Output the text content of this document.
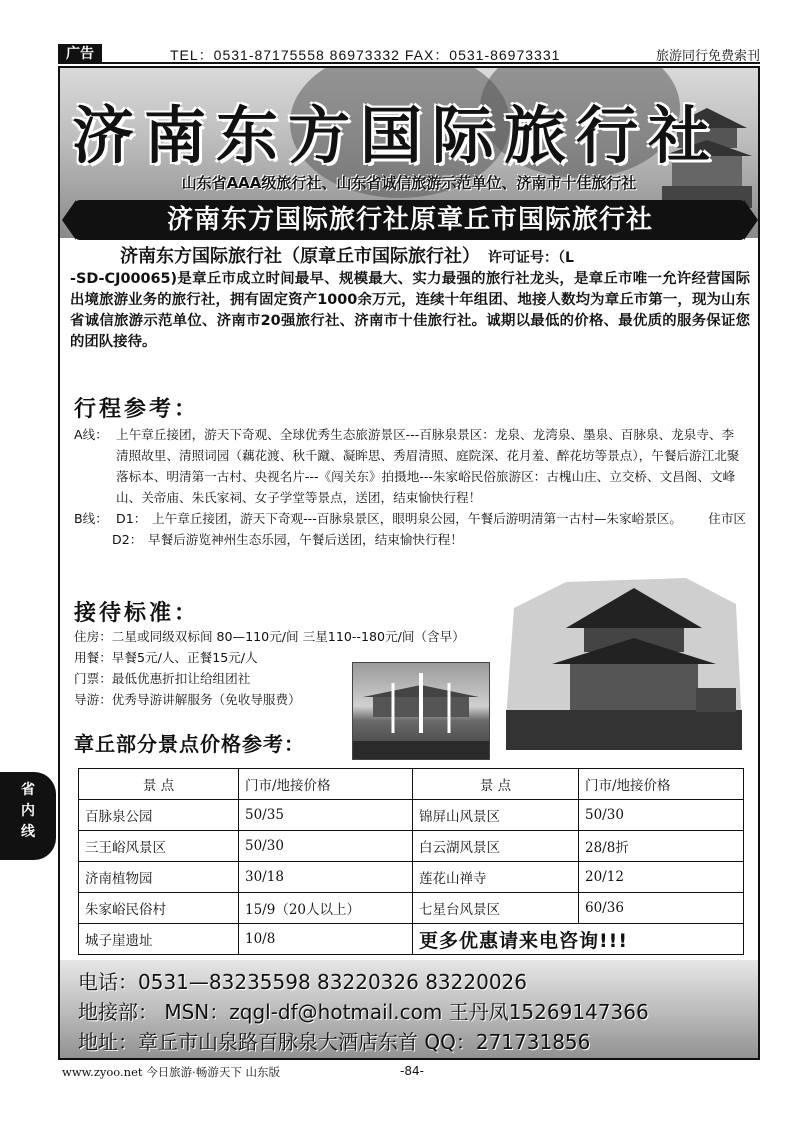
广告	TEL：0531-87175558 86973332 FAX：0531-86973331	旅游同行免费索刊
济南东方国际旅行社
山东省AAA级旅行社、山东省诚信旅游示范单位、济南市十佳旅行社
济南东方国际旅行社原章丘市国际旅行社
济南东方国际旅行社（原章丘市国际旅行社） 许可证号：（L
-SD-CJ00065)是章丘市成立时间最早、规模最大、实力最强的旅行社龙头，是章丘市唯一允许经营国际出境旅游业务的旅行社，拥有固定资产1000余万元，连续十年组团、地接人数均为章丘市第一，现为山东省诚信旅游示范单位、济南市20强旅行社、济南市十佳旅行社。诚期以最低的价格、最优质的服务保证您的团队接待。
行程参考：
A线： 上午章丘接团，游天下奇观、全球优秀生态旅游景区---百脉泉景区：龙泉、龙湾泉、墨泉、百脉泉、龙泉寺、李清照故里、清照词园（藕花渡、秋千蹴、凝眸思、秀眉清照、庭院深、花月羞、醉花坊等景点），午餐后游江北聚落标本、明清第一古村、央视名片---《闯关东》拍摄地---朱家峪民俗旅游区：古槐山庄、立交桥、文昌阁、文峰山、关帝庙、朱氏家祠、女子学堂等景点，送团，结束愉快行程！
B线： D1： 上午章丘接团，游天下奇观---百脉泉景区，眼明泉公园，午餐后游明清第一古村—朱家峪景区。	住市区
D2： 早餐后游览神州生态乐园，午餐后送团，结束愉快行程！
接待标准：
住房：二星或同级双标间 80—110元/间 三星110--180元/间（含早）
用餐：早餐5元/人、正餐15元/人
门票：最低优惠折扣让给组团社
导游：优秀导游讲解服务（免收导服费）
章丘部分景点价格参考：
景 点	门市/地接价格	景 点	门市/地接价格
百脉泉公园	50/35	锦屏山风景区	50/30
三王峪风景区	50/30	白云湖风景区	28/8折
济南植物园	30/18	莲花山禅寺	20/12
朱家峪民俗村	15/9（20人以上）	七星台风景区	60/36
城子崖遗址	10/8	更多优惠请来电咨询!!!	
电话：0531—83235598 83220326 83220026
地接部： MSN：zqgl-df@hotmail.com 王丹凤15269147366
地址：章丘市山泉路百脉泉大酒店东首 QQ：271731856
省
内
线
www.zyoo.net 今日旅游·畅游天下 山东版	-84-
